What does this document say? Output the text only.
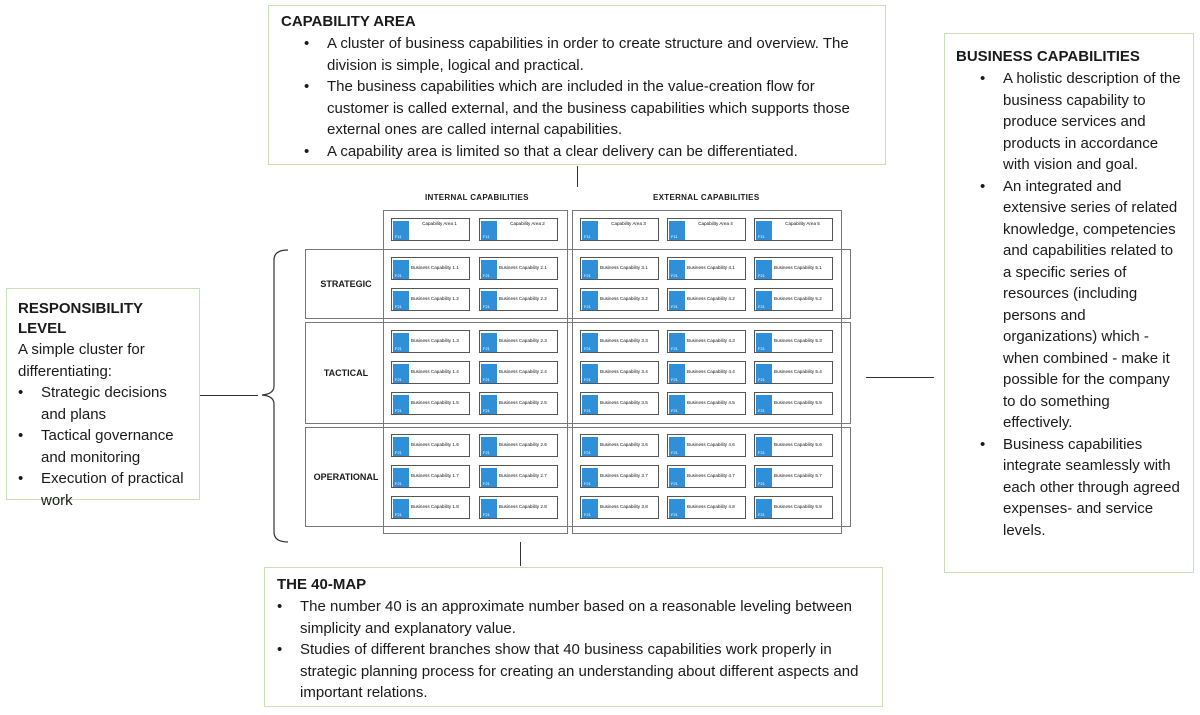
CAPABILITY AREA
• A cluster of business capabilities in order to create structure and overview. The division is simple, logical and practical.
• The business capabilities which are included in the value-creation flow for customer is called external, and the business capabilities which supports those external ones are called internal capabilities.
• A capability area is limited so that a clear delivery can be differentiated.
BUSINESS CAPABILITIES
• A holistic description of the business capability to produce services and products in accordance with vision and goal.
• An integrated and extensive series of related knowledge, competencies and capabilities related to a specific series of resources (including persons and organizations) which - when combined - make it possible for the company to do something effectively.
• Business capabilities integrate seamlessly with each other through agreed expenses- and service levels.
RESPONSIBILITY LEVEL
A simple cluster for differentiating:
• Strategic decisions and plans
• Tactical governance and monitoring
• Execution of practical work
THE 40-MAP
• The number 40 is an approximate number based on a reasonable leveling between simplicity and explanatory value.
• Studies of different branches show that 40 business capabilities work properly in strategic planning process for creating an understanding about different aspects and important relations.
INTERNAL CAPABILITIES	EXTERNAL CAPABILITIES
STRATEGIC
TACTICAL
OPERATIONAL
F11
Capability Area 1
F11
Capability Area 2
F11
Capability Area 3
F11
Capability Area 4
F11
Capability Area 5
F21
Business Capability 1.1
F21
Business Capability 1.2
F21
Business Capability 1.3
F21
Business Capability 1.4
F21
Business Capability 1.5
F21
Business Capability 1.6
F21
Business Capability 1.7
F21
Business Capability 1.8
F21
Business Capability 2.1
F21
Business Capability 2.2
F21
Business Capability 2.3
F21
Business Capability 2.4
F21
Business Capability 2.5
F21
Business Capability 2.6
F21
Business Capability 2.7
F21
Business Capability 2.8
F21
Business Capability 3.1
F21
Business Capability 3.2
F21
Business Capability 3.3
F21
Business Capability 3.4
F21
Business Capability 3.5
F21
Business Capability 3.6
F21
Business Capability 3.7
F21
Business Capability 3.8
F21
Business Capability 4.1
F21
Business Capability 4.2
F21
Business Capability 4.3
F21
Business Capability 4.4
F21
Business Capability 4.5
F21
Business Capability 4.6
F21
Business Capability 4.7
F21
Business Capability 4.8
F21
Business Capability 5.1
F21
Business Capability 5.2
F21
Business Capability 5.3
F21
Business Capability 5.4
F21
Business Capability 5.5
F21
Business Capability 5.6
F21
Business Capability 5.7
F21
Business Capability 5.8
